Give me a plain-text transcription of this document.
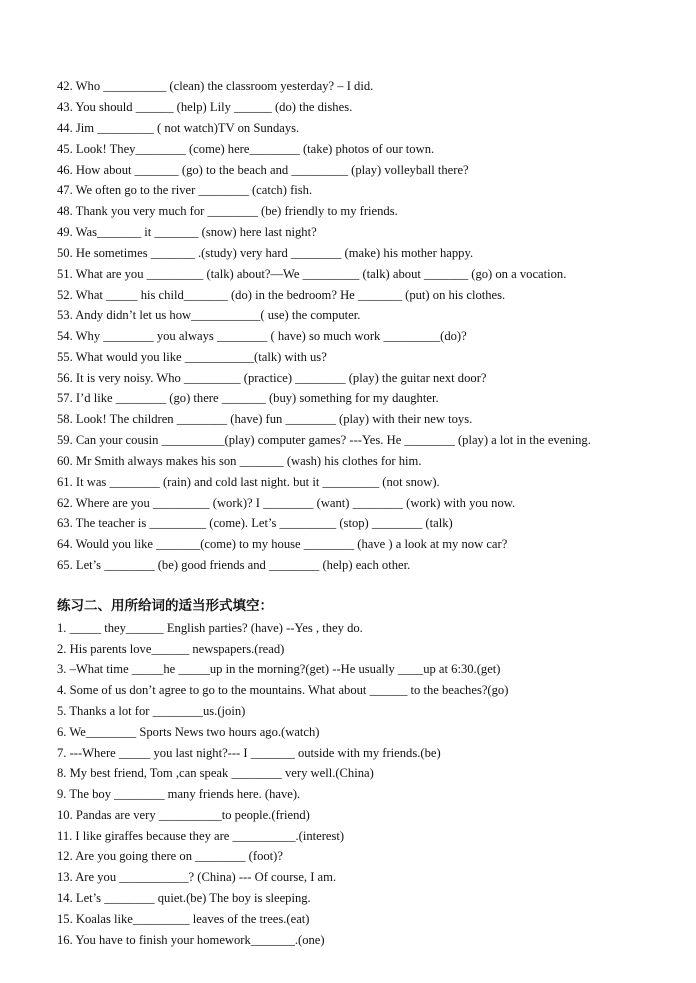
42. Who __________ (clean) the classroom yesterday? – I did.
43. You should ______ (help) Lily ______ (do) the dishes.
44. Jim _________ ( not watch)TV on Sundays.
45. Look! They________ (come) here________ (take) photos of our town.
46. How about _______ (go) to the beach and _________ (play) volleyball there?
47. We often go to the river ________ (catch) fish.
48. Thank you very much for ________ (be) friendly to my friends.
49. Was_______ it _______ (snow) here last night?
50. He sometimes _______ .(study) very hard ________ (make) his mother happy.
51. What are you _________ (talk) about?—We _________ (talk) about _______ (go) on a vocation.
52. What _____ his child_______ (do) in the bedroom? He _______ (put) on his clothes.
53. Andy didn’t let us how___________( use) the computer.
54. Why ________ you always ________ ( have) so much work _________(do)?
55. What would you like ___________(talk) with us?
56. It is very noisy. Who _________ (practice) ________ (play) the guitar next door?
57. I’d like ________ (go) there _______ (buy) something for my daughter.
58. Look! The children ________ (have) fun ________ (play) with their new toys.
59. Can your cousin __________(play) computer games? ---Yes. He ________ (play) a lot in the evening.
60. Mr Smith always makes his son _______ (wash) his clothes for him.
61. It was ________ (rain) and cold last night. but it _________ (not snow).
62. Where are you _________ (work)? I ________ (want) ________ (work) with you now.
63. The teacher is _________ (come). Let’s _________ (stop) ________ (talk)
64. Would you like _______(come) to my house ________ (have ) a look at my now car?
65. Let’s ________ (be) good friends and ________ (help) each other.
练习二、用所给词的适当形式填空：
1. _____ they______ English parties? (have) --Yes , they do.
2. His parents love______ newspapers.(read)
3. –What time _____he _____up in the morning?(get) --He usually ____up at 6:30.(get)
4. Some of us don’t agree to go to the mountains. What about ______ to the beaches?(go)
5. Thanks a lot for ________us.(join)
6. We________ Sports News two hours ago.(watch)
7. ---Where _____ you last night?--- I _______ outside with my friends.(be)
8. My best friend, Tom ,can speak ________ very well.(China)
9. The boy ________ many friends here. (have).
10. Pandas are very __________to people.(friend)
11. I like giraffes because they are __________.(interest)
12. Are you going there on ________ (foot)?
13. Are you ___________? (China) --- Of course, I am.
14. Let’s ________ quiet.(be) The boy is sleeping.
15. Koalas like_________ leaves of the trees.(eat)
16. You have to finish your homework_______.(one)
